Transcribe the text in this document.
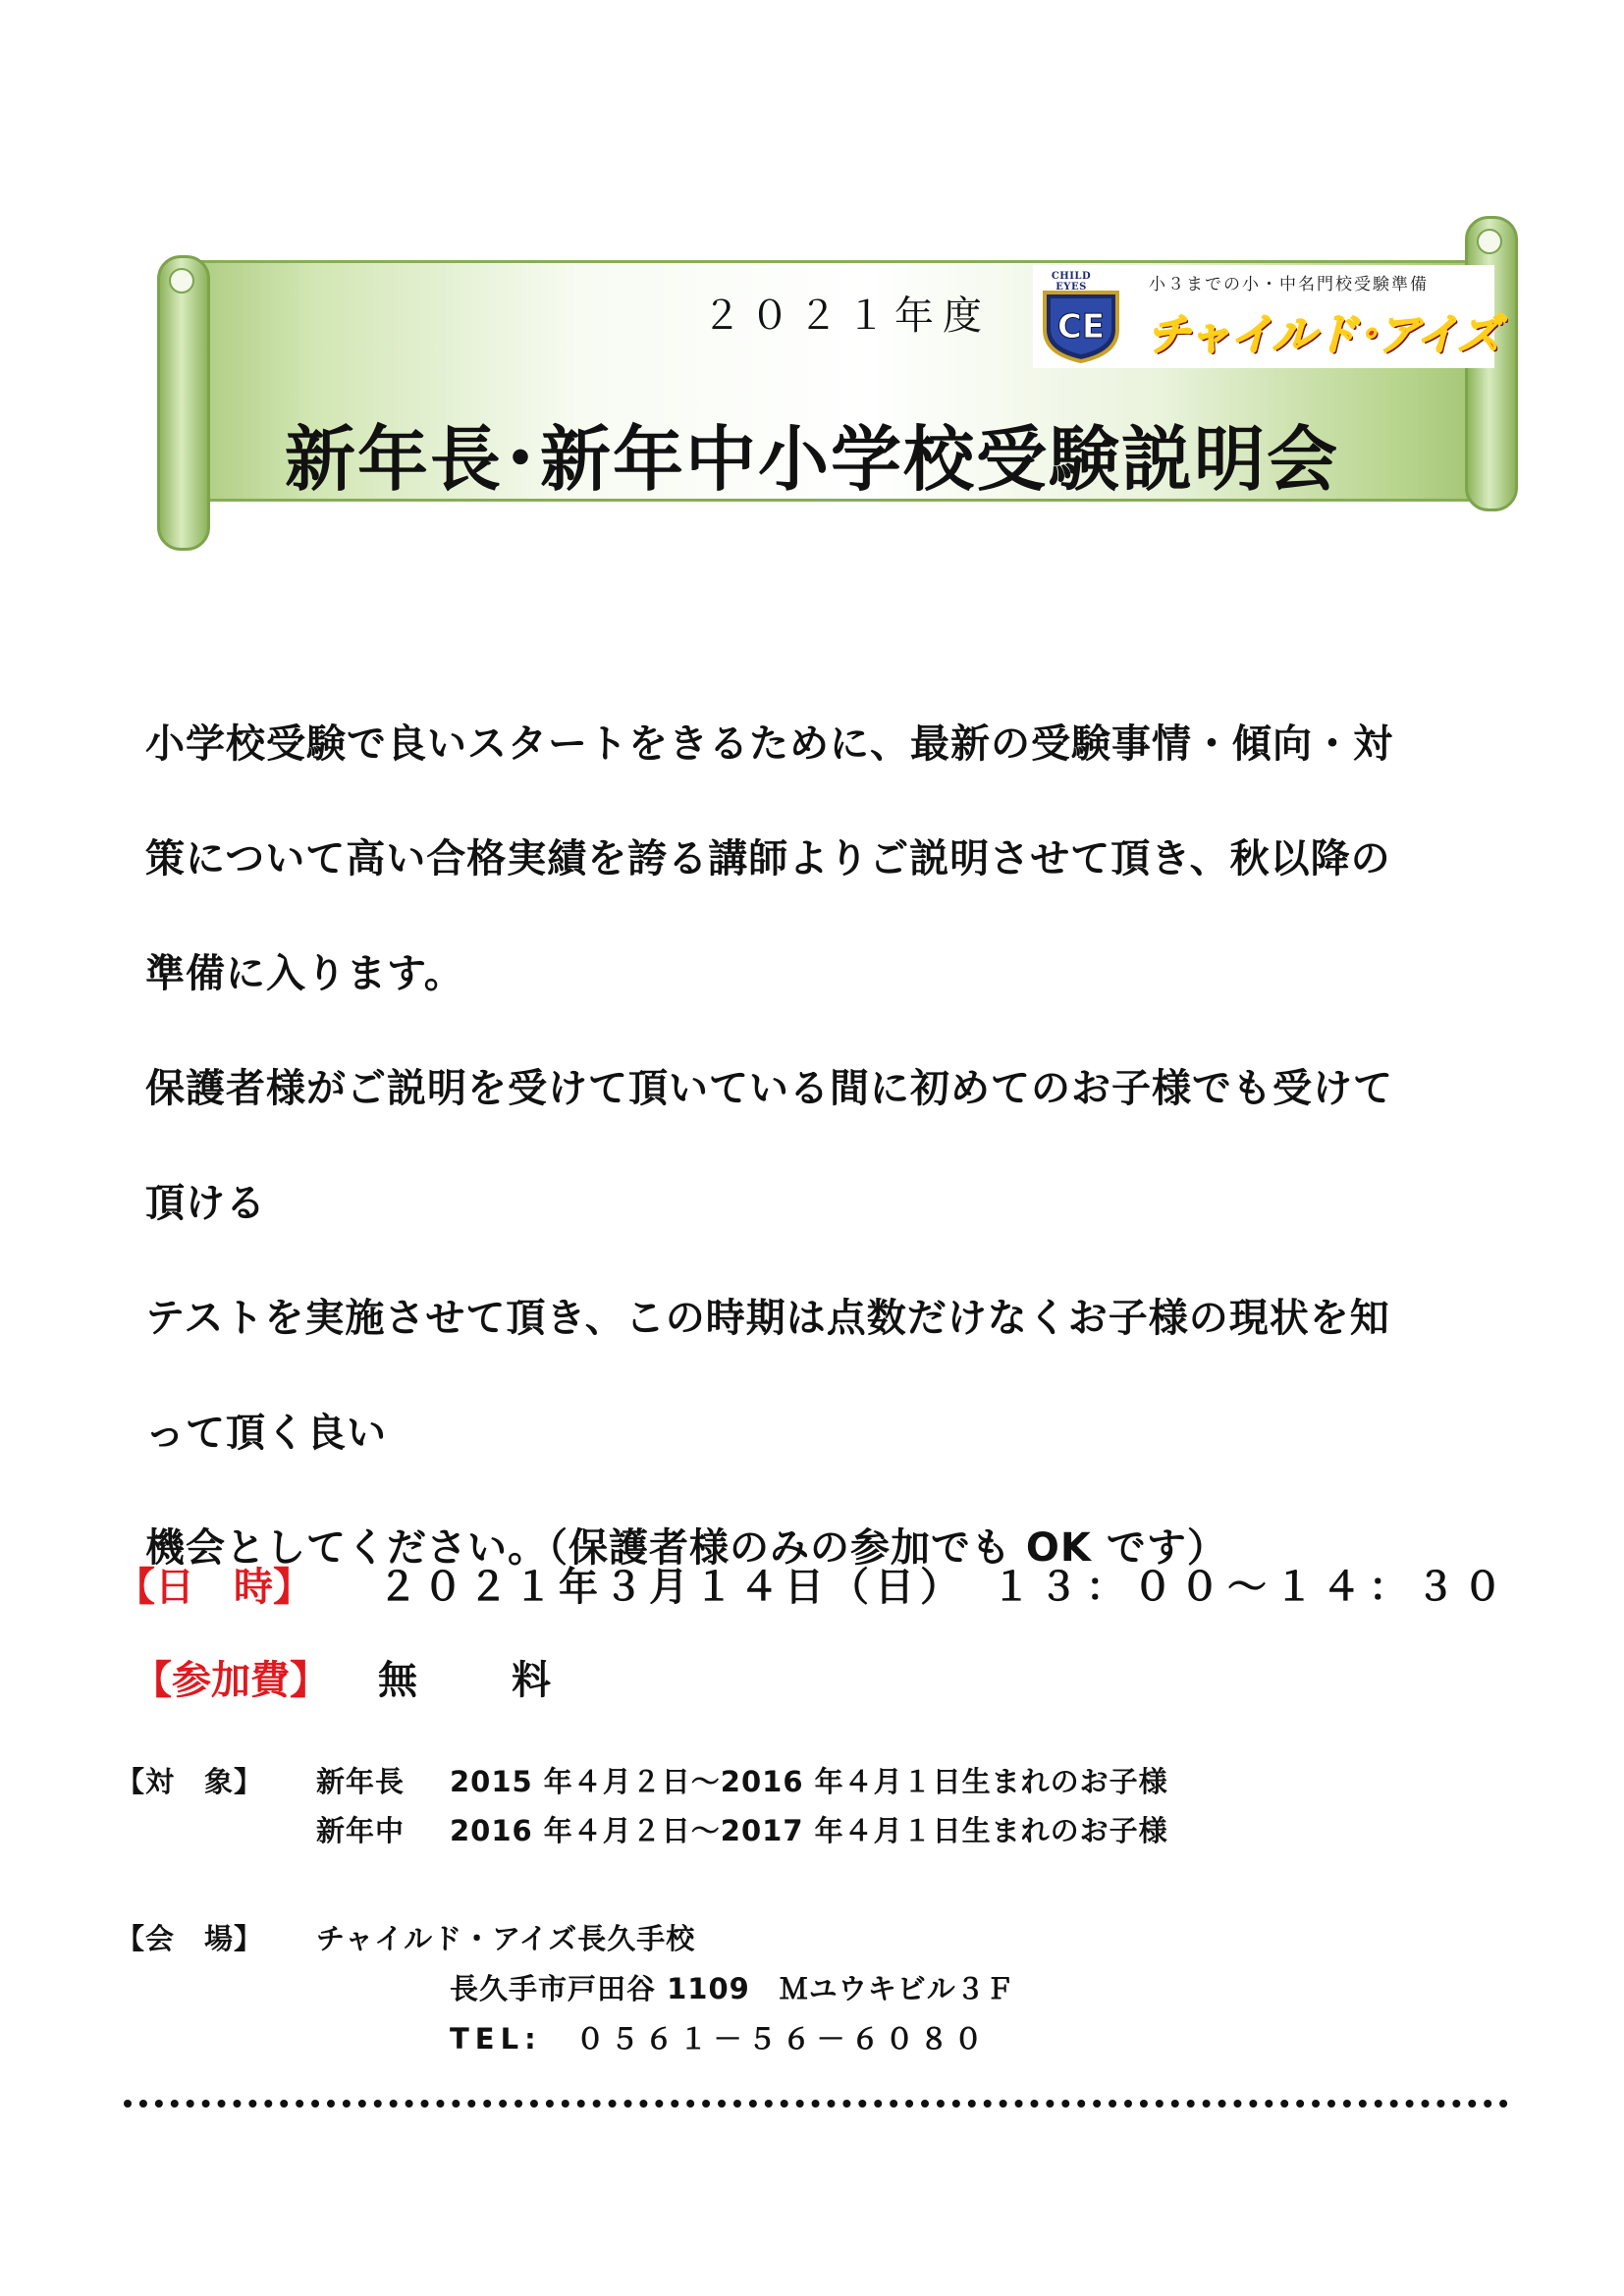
２０２１年度
CHILD EYES
CE
小３までの小・中名門校受験準備
チャイルド･アイズ
新年長･新年中小学校受験説明会
小学校受験で良いスタートをきるために、最新の受験事情・傾向・対
策について高い合格実績を誇る講師よりご説明させて頂き、秋以降の
準備に入ります。
保護者様がご説明を受けて頂いている間に初めてのお子様でも受けて
頂ける
テストを実施させて頂き、この時期は点数だけなくお子様の現状を知
って頂く良い
機会としてください。（保護者様のみの参加でも OK です）
【日　時】 ２０２１年３月１４日（日） １３：００～１４：３０
【参加費】 無　料
【対　象】 新年長 2015 年４月２日～2016 年４月１日生まれのお子様
新年中 2016 年４月２日～2017 年４月１日生まれのお子様
【会　場】 チャイルド・アイズ長久手校
長久手市戸田谷 1109　Ｍユウキビル３Ｆ
TEL:　０５６１－５６－６０８０
